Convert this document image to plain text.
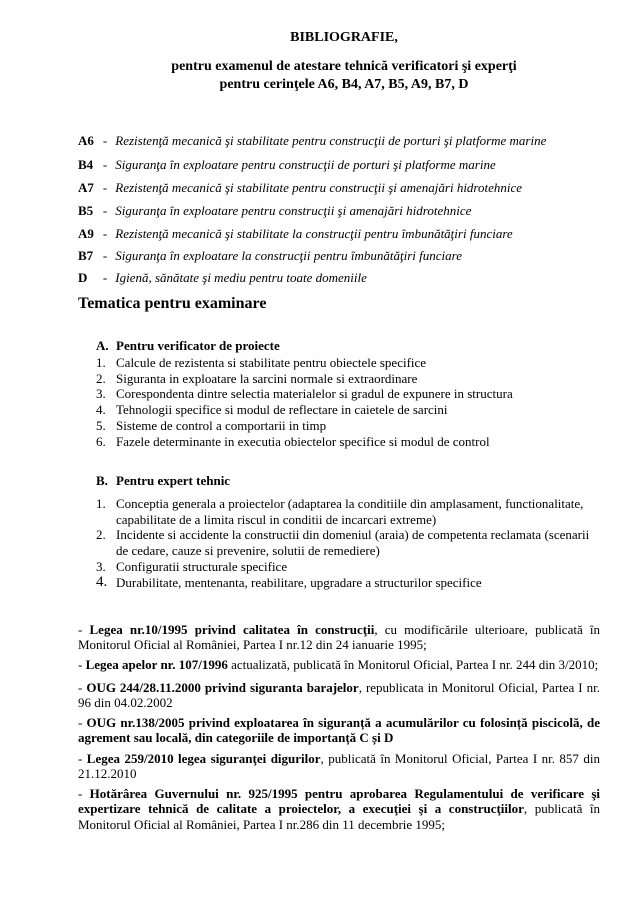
BIBLIOGRAFIE,
pentru examenul de atestare tehnică verificatori şi experţi
pentru cerinţele A6, B4, A7, B5, A9, B7, D
A6 - Rezistenţă mecanică şi stabilitate pentru construcţii de porturi şi platforme marine
B4 - Siguranţa în exploatare pentru construcţii de porturi şi platforme marine
A7 - Rezistenţă mecanică şi stabilitate pentru construcţii şi amenajări hidrotehnice
B5 - Siguranţa în exploatare pentru construcţii şi amenajări hidrotehnice
A9 - Rezistenţă mecanică şi stabilitate la construcţii pentru îmbunătăţiri funciare
B7 - Siguranţa în exploatare la construcţii pentru îmbunătăţiri funciare
D - Igienă, sănătate şi mediu pentru toate domeniile
Tematica pentru examinare
A. Pentru verificator de proiecte
1. Calcule de rezistenta si stabilitate pentru obiectele specifice
2. Siguranta in exploatare la sarcini normale si extraordinare
3. Corespondenta dintre selectia materialelor si gradul de expunere in structura
4. Tehnologii specifice si modul de reflectare in caietele de sarcini
5. Sisteme de control a comportarii in timp
6. Fazele determinante in executia obiectelor specifice si modul de control
B. Pentru expert tehnic
1. Conceptia generala a proiectelor (adaptarea la conditiile din amplasament, functionalitate, capabilitate de a limita riscul in conditii de incarcari extreme)
2. Incidente si accidente la constructii din domeniul (araia) de competenta reclamata (scenarii de cedare, cauze si prevenire, solutii de remediere)
3. Configuratii structurale specifice
4. Durabilitate, mentenanta, reabilitare, upgradare a structurilor specifice
- Legea nr.10/1995 privind calitatea în construcţii, cu modificările ulterioare, publicată în Monitorul Oficial al României, Partea I nr.12 din 24 ianuarie 1995;
- Legea apelor nr. 107/1996 actualizată, publicată în Monitorul Oficial, Partea I nr. 244 din 3/2010;
- OUG 244/28.11.2000 privind siguranta barajelor, republicata in Monitorul Oficial, Partea I nr. 96 din 04.02.2002
- OUG nr.138/2005 privind exploatarea în siguranță a acumulărilor cu folosință piscicolă, de agrement sau locală, din categoriile de importanță C și D
- Legea 259/2010 legea siguranţei digurilor, publicată în Monitorul Oficial, Partea I nr. 857 din 21.12.2010
- Hotărârea Guvernului nr. 925/1995 pentru aprobarea Regulamentului de verificare şi expertizare tehnică de calitate a proiectelor, a execuţiei şi a construcţiilor, publicată în Monitorul Oficial al României, Partea I nr.286 din 11 decembrie 1995;
